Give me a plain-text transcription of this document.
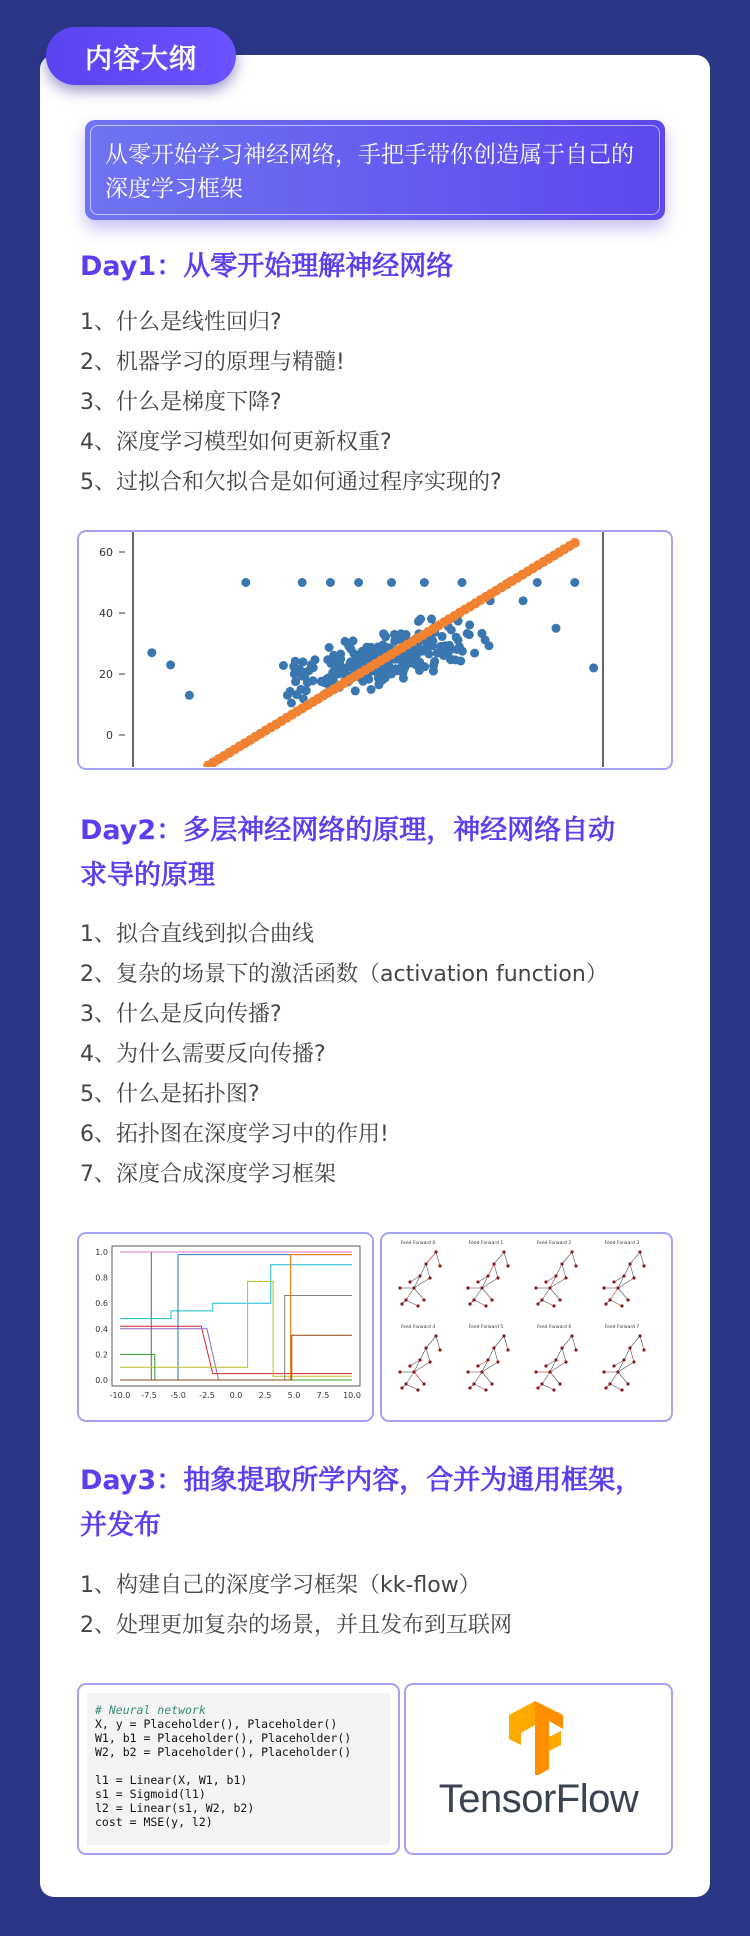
内容大纲
从零开始学习神经网络，手把手带你创造属于自己的深度学习框架
Day1：从零开始理解神经网络
1、什么是线性回归?
2、机器学习的原理与精髓!
3、什么是梯度下降?
4、深度学习模型如何更新权重?
5、过拟合和欠拟合是如何通过程序实现的?
60
40
20
0
Day2：多层神经网络的原理，神经网络自动
求导的原理
1、拟合直线到拟合曲线
2、复杂的场景下的激活函数（activation function）
3、什么是反向传播?
4、为什么需要反向传播?
5、什么是拓扑图?
6、拓扑图在深度学习中的作用!
7、深度合成深度学习框架
1.0
0.8
0.6
0.4
0.2
0.0
-10.0 -7.5 -5.0 -2.5 0.0 2.5 5.0 7.5 10.0
Feed Forward 0	Feed Forward 1	Feed Forward 2	Feed Forward 3
Feed Forward 4	Feed Forward 5	Feed Forward 6	Feed Forward 7
Day3：抽象提取所学内容，合并为通用框架，
并发布
1、构建自己的深度学习框架（kk-flow）
2、处理更加复杂的场景，并且发布到互联网
# Neural network
X, y = Placeholder(), Placeholder()
W1, b1 = Placeholder(), Placeholder()
W2, b2 = Placeholder(), Placeholder()

l1 = Linear(X, W1, b1)
s1 = Sigmoid(l1)
l2 = Linear(s1, W2, b2)
cost = MSE(y, l2)
TensorFlow
